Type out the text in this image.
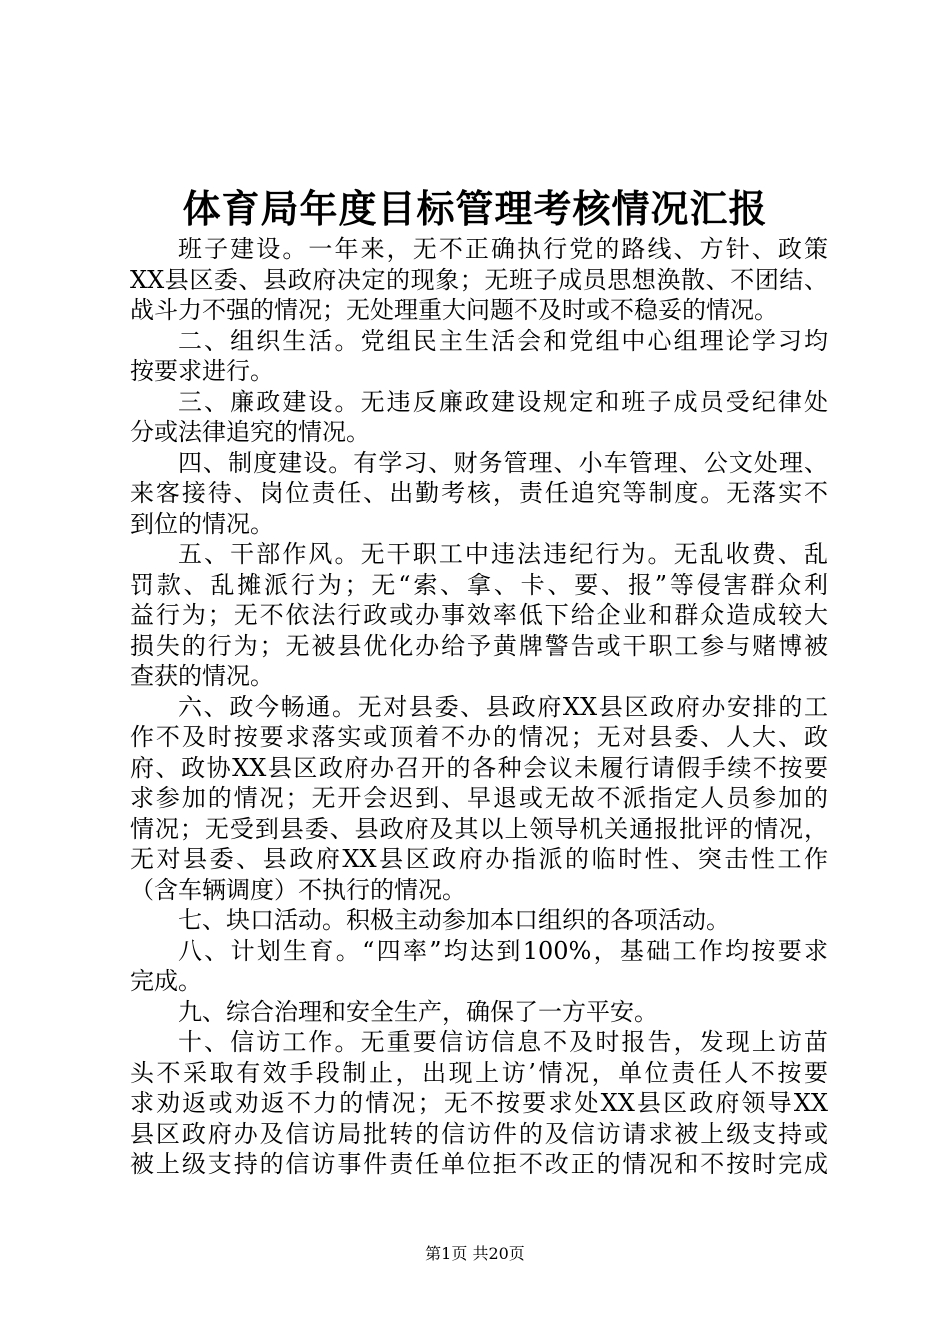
体育局年度目标管理考核情况汇报
班子建设。一年来，无不正确执行党的路线、方针、政策
XX县区委、县政府决定的现象；无班子成员思想涣散、不团结、
战斗力不强的情况；无处理重大问题不及时或不稳妥的情况。
二、组织生活。党组民主生活会和党组中心组理论学习均
按要求进行。
三、廉政建设。无违反廉政建设规定和班子成员受纪律处
分或法律追究的情况。
四、制度建设。有学习、财务管理、小车管理、公文处理、
来客接待、岗位责任、出勤考核，责任追究等制度。无落实不
到位的情况。
五、干部作风。无干职工中违法违纪行为。无乱收费、乱
罚款、乱摊派行为；无“索、拿、卡、要、报”等侵害群众利
益行为；无不依法行政或办事效率低下给企业和群众造成较大
损失的行为；无被县优化办给予黄牌警告或干职工参与赌博被
查获的情况。
六、政今畅通。无对县委、县政府XX县区政府办安排的工
作不及时按要求落实或顶着不办的情况；无对县委、人大、政
府、政协XX县区政府办召开的各种会议未履行请假手续不按要
求参加的情况；无开会迟到、早退或无故不派指定人员参加的
情况；无受到县委、县政府及其以上领导机关通报批评的情况，
无对县委、县政府XX县区政府办指派的临时性、突击性工作
（含车辆调度）不执行的情况。
七、块口活动。积极主动参加本口组织的各项活动。
八、计划生育。“四率”均达到100%，基础工作均按要求
完成。
九、综合治理和安全生产，确保了一方平安。
十、信访工作。无重要信访信息不及时报告，发现上访苗
头不采取有效手段制止，出现上访’情况，单位责任人不按要
求劝返或劝返不力的情况；无不按要求处XX县区政府领导XX
县区政府办及信访局批转的信访件的及信访请求被上级支持或
被上级支持的信访事件责任单位拒不改正的情况和不按时完成
第1页 共20页
